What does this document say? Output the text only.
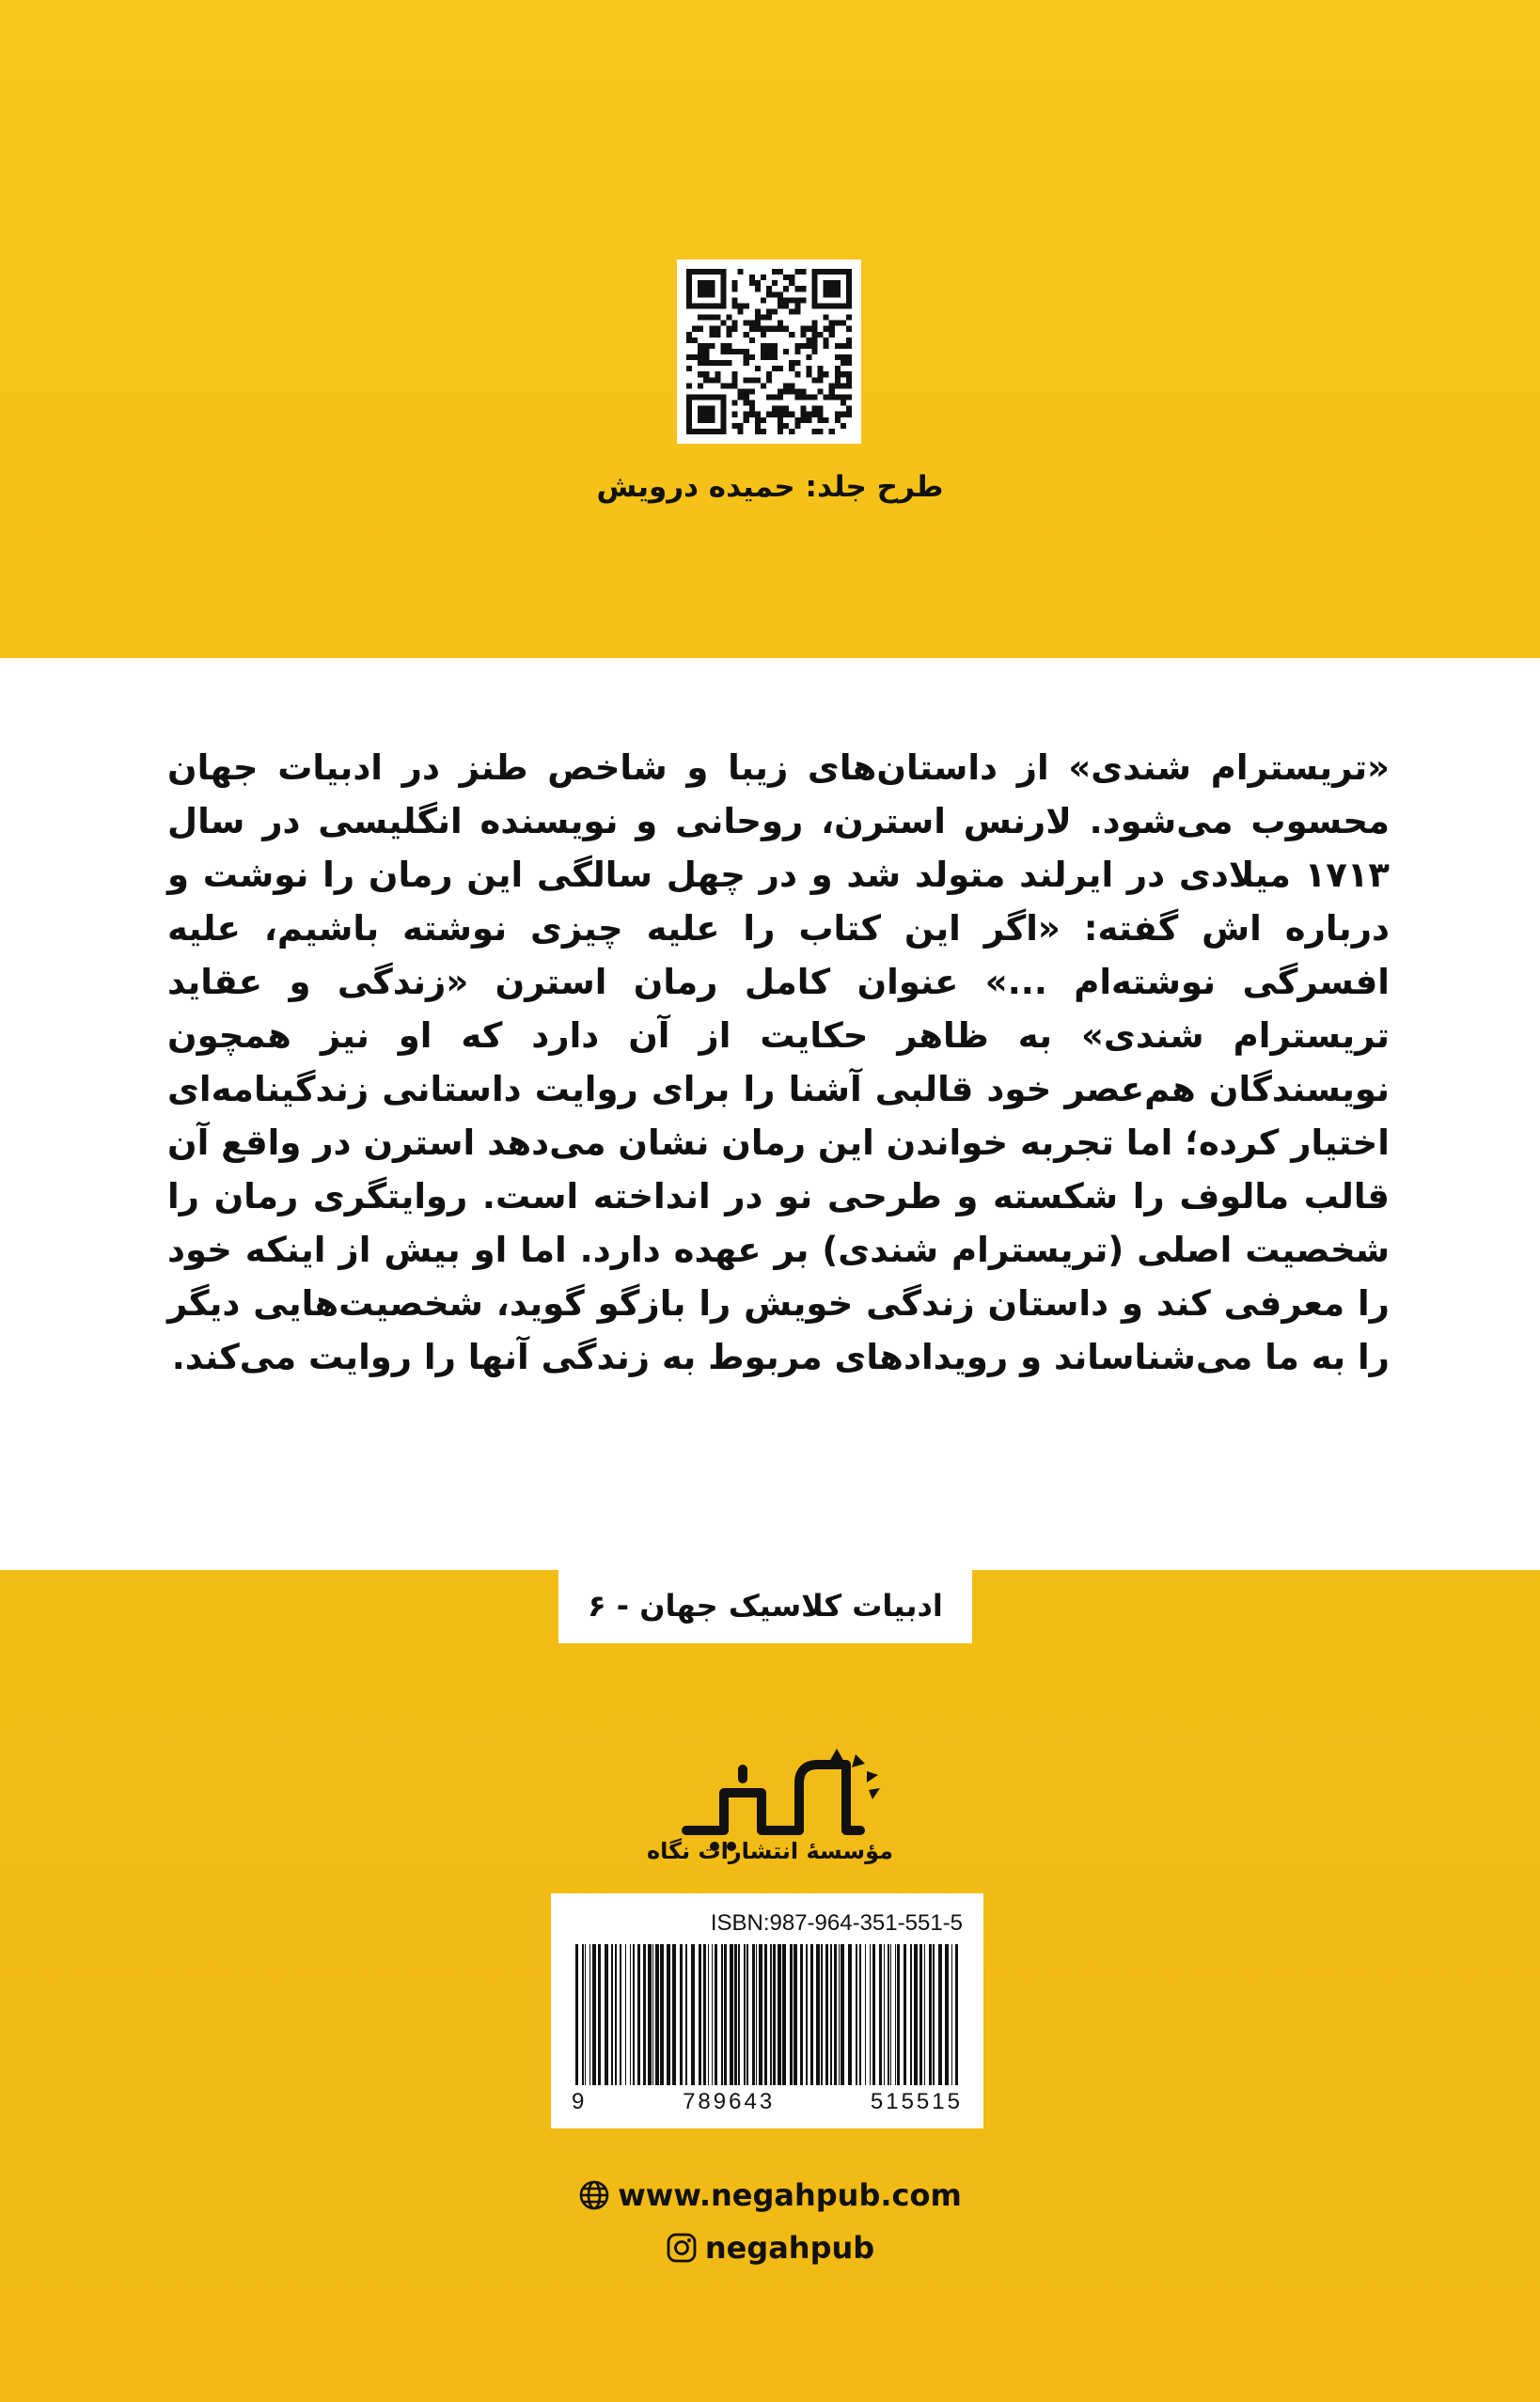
طرح جلد: حمیده درویش

«تریسترام شندی» از داستان‌های زیبا و شاخص طنز در ادبیات جهان محسوب می‌شود. لارنس استرن، روحانی و نویسنده انگلیسی در سال ۱۷۱۳ میلادی در ایرلند متولد شد و در چهل سالگی این رمان را نوشت و درباره اش گفته: «اگر این کتاب را علیه چیزی نوشته باشیم، علیه افسرگی نوشته‌ام ...» عنوان کامل رمان استرن «زندگی و عقاید تریسترام شندی» به ظاهر حکایت از آن دارد که او نیز همچون نویسندگان هم‌عصر خود قالبی آشنا را برای روایت داستانی زندگینامه‌ای اختیار کرده؛ اما تجربه خواندن این رمان نشان می‌دهد استرن در واقع آن قالب مالوف را شکسته و طرحی نو در انداخته است. روایتگری رمان را شخصیت اصلی (تریسترام شندی) بر عهده دارد. اما او بیش از اینکه خود را معرفی کند و داستان زندگی خویش را بازگو گوید، شخصیت‌هایی دیگر را به ما می‌شناساند و رویدادهای مربوط به زندگی آنها را روایت می‌کند.

ادبیات کلاسیک جهان - ۶
مؤسسهٔ انتشارات نگاه
ISBN:987-964-351-551-5
9	789643	515515
www.negahpub.com
negahpub
